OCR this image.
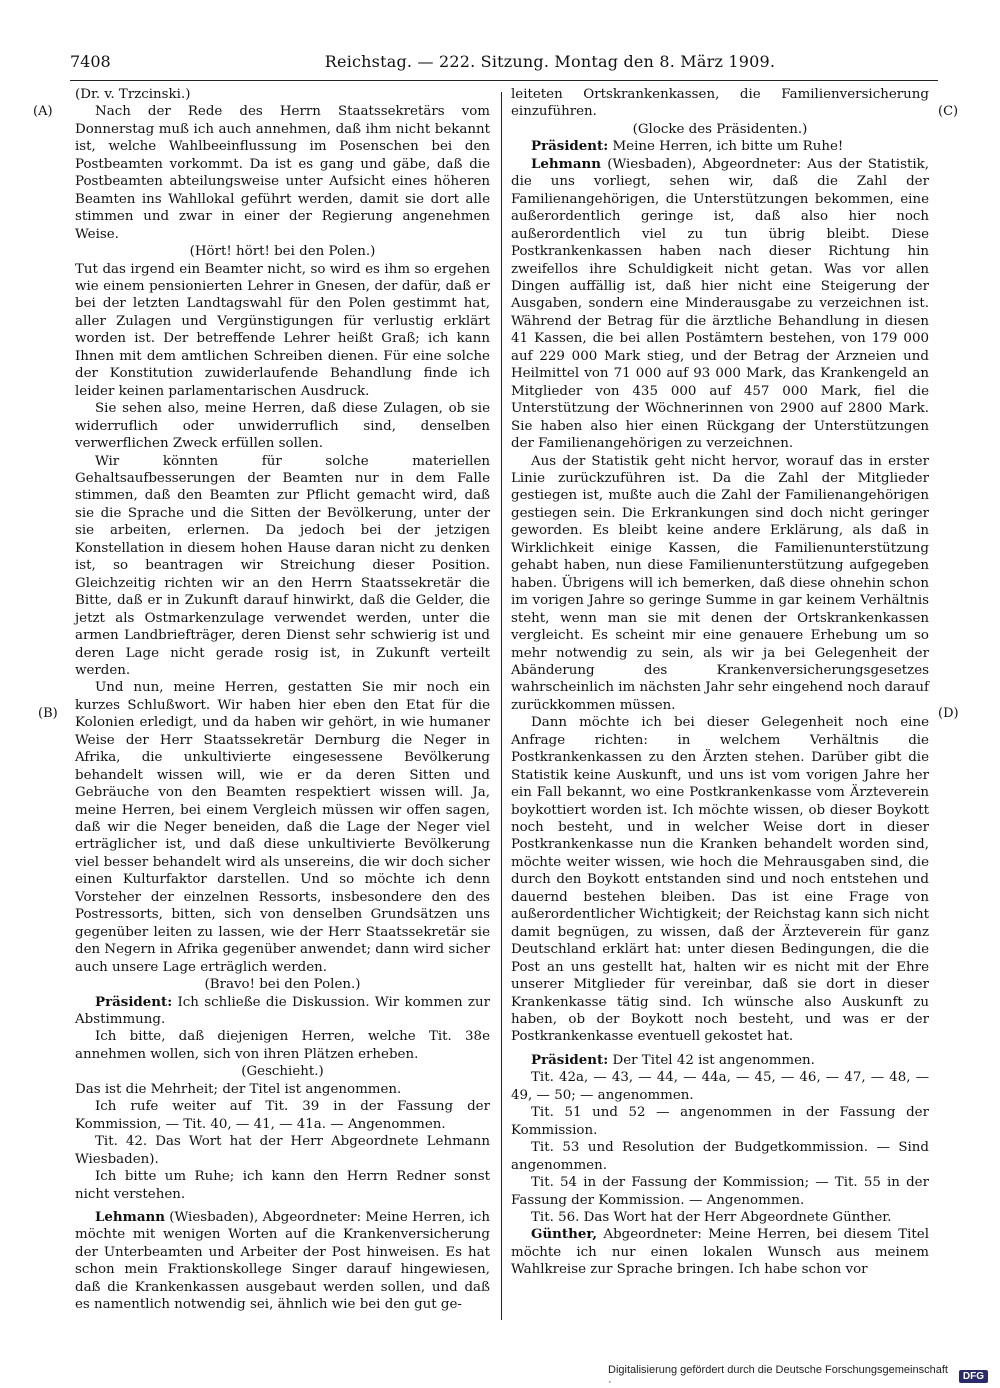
7408	Reichstag. — 222. Sitzung. Montag den 8. März 1909.
(A)
(B)
(C)
(D)

(Dr. v. Trzcinski.)

Nach der Rede des Herrn Staatssekretärs vom Donnerstag muß ich auch annehmen, daß ihm nicht bekannt ist, welche Wahlbeeinflussung im Posenschen bei den Postbeamten vorkommt. Da ist es gang und gäbe, daß die Postbeamten abteilungsweise unter Aufsicht eines höheren Beamten ins Wahllokal geführt werden, damit sie dort alle stimmen und zwar in einer der Regierung angenehmen Weise.

(Hört! hört! bei den Polen.)

Tut das irgend ein Beamter nicht, so wird es ihm so ergehen wie einem pensionierten Lehrer in Gnesen, der dafür, daß er bei der letzten Landtagswahl für den Polen gestimmt hat, aller Zulagen und Vergünstigungen für verlustig erklärt worden ist. Der betreffende Lehrer heißt Graß; ich kann Ihnen mit dem amtlichen Schreiben dienen. Für eine solche der Konstitution zuwiderlaufende Behandlung finde ich leider keinen parlamentarischen Ausdruck.

Sie sehen also, meine Herren, daß diese Zulagen, ob sie widerruflich oder unwiderruflich sind, denselben verwerflichen Zweck erfüllen sollen.

Wir könnten für solche materiellen Gehaltsaufbesserungen der Beamten nur in dem Falle stimmen, daß den Beamten zur Pflicht gemacht wird, daß sie die Sprache und die Sitten der Bevölkerung, unter der sie arbeiten, erlernen. Da jedoch bei der jetzigen Konstellation in diesem hohen Hause daran nicht zu denken ist, so beantragen wir Streichung dieser Position. Gleichzeitig richten wir an den Herrn Staatssekretär die Bitte, daß er in Zukunft darauf hinwirkt, daß die Gelder, die jetzt als Ostmarkenzulage verwendet werden, unter die armen Landbriefträger, deren Dienst sehr schwierig ist und deren Lage nicht gerade rosig ist, in Zukunft verteilt werden.

Und nun, meine Herren, gestatten Sie mir noch ein kurzes Schlußwort. Wir haben hier eben den Etat für die Kolonien erledigt, und da haben wir gehört, in wie humaner Weise der Herr Staatssekretär Dernburg die Neger in Afrika, die unkultivierte eingesessene Bevölkerung behandelt wissen will, wie er da deren Sitten und Gebräuche von den Beamten respektiert wissen will. Ja, meine Herren, bei einem Vergleich müssen wir offen sagen, daß wir die Neger beneiden, daß die Lage der Neger viel erträglicher ist, und daß diese unkultivierte Bevölkerung viel besser behandelt wird als unsereins, die wir doch sicher einen Kulturfaktor darstellen. Und so möchte ich denn Vorsteher der einzelnen Ressorts, insbesondere den des Postressorts, bitten, sich von denselben Grundsätzen uns gegenüber leiten zu lassen, wie der Herr Staatssekretär sie den Negern in Afrika gegenüber anwendet; dann wird sicher auch unsere Lage erträglich werden.

(Bravo! bei den Polen.)

Präsident: Ich schließe die Diskussion. Wir kommen zur Abstimmung.

Ich bitte, daß diejenigen Herren, welche Tit. 38e annehmen wollen, sich von ihren Plätzen erheben.

(Geschieht.)

Das ist die Mehrheit; der Titel ist angenommen.

Ich rufe weiter auf Tit. 39 in der Fassung der Kommission, — Tit. 40, — 41, — 41a. — Angenommen.

Tit. 42. Das Wort hat der Herr Abgeordnete Lehmann Wiesbaden).

Ich bitte um Ruhe; ich kann den Herrn Redner sonst nicht verstehen.

Lehmann (Wiesbaden), Abgeordneter: Meine Herren, ich möchte mit wenigen Worten auf die Krankenversicherung der Unterbeamten und Arbeiter der Post hinweisen. Es hat schon mein Fraktionskollege Singer darauf hingewiesen, daß die Krankenkassen ausgebaut werden sollen, und daß es namentlich notwendig sei, ähnlich wie bei den gut ge-

leiteten Ortskrankenkassen, die Familienversicherung einzuführen.

(Glocke des Präsidenten.)

Präsident: Meine Herren, ich bitte um Ruhe!

Lehmann (Wiesbaden), Abgeordneter: Aus der Statistik, die uns vorliegt, sehen wir, daß die Zahl der Familienangehörigen, die Unterstützungen bekommen, eine außerordentlich geringe ist, daß also hier noch außerordentlich viel zu tun übrig bleibt. Diese Postkrankenkassen haben nach dieser Richtung hin zweifellos ihre Schuldigkeit nicht getan. Was vor allen Dingen auffällig ist, daß hier nicht eine Steigerung der Ausgaben, sondern eine Minderausgabe zu verzeichnen ist. Während der Betrag für die ärztliche Behandlung in diesen 41 Kassen, die bei allen Postämtern bestehen, von 179 000 auf 229 000 Mark stieg, und der Betrag der Arzneien und Heilmittel von 71 000 auf 93 000 Mark, das Krankengeld an Mitglieder von 435 000 auf 457 000 Mark, fiel die Unterstützung der Wöchnerinnen von 2900 auf 2800 Mark. Sie haben also hier einen Rückgang der Unterstützungen der Familienangehörigen zu verzeichnen.

Aus der Statistik geht nicht hervor, worauf das in erster Linie zurückzuführen ist. Da die Zahl der Mitglieder gestiegen ist, mußte auch die Zahl der Familienangehörigen gestiegen sein. Die Erkrankungen sind doch nicht geringer geworden. Es bleibt keine andere Erklärung, als daß in Wirklichkeit einige Kassen, die Familienunterstützung gehabt haben, nun diese Familienunterstützung aufgegeben haben. Übrigens will ich bemerken, daß diese ohnehin schon im vorigen Jahre so geringe Summe in gar keinem Verhältnis steht, wenn man sie mit denen der Ortskrankenkassen vergleicht. Es scheint mir eine genauere Erhebung um so mehr notwendig zu sein, als wir ja bei Gelegenheit der Abänderung des Krankenversicherungsgesetzes wahrscheinlich im nächsten Jahr sehr eingehend noch darauf zurückkommen müssen.

Dann möchte ich bei dieser Gelegenheit noch eine Anfrage richten: in welchem Verhältnis die Postkrankenkassen zu den Ärzten stehen. Darüber gibt die Statistik keine Auskunft, und uns ist vom vorigen Jahre her ein Fall bekannt, wo eine Postkrankenkasse vom Ärzteverein boykottiert worden ist. Ich möchte wissen, ob dieser Boykott noch besteht, und in welcher Weise dort in dieser Postkrankenkasse nun die Kranken behandelt worden sind, möchte weiter wissen, wie hoch die Mehrausgaben sind, die durch den Boykott entstanden sind und noch entstehen und dauernd bestehen bleiben. Das ist eine Frage von außerordentlicher Wichtigkeit; der Reichstag kann sich nicht damit begnügen, zu wissen, daß der Ärzteverein für ganz Deutschland erklärt hat: unter diesen Bedingungen, die die Post an uns gestellt hat, halten wir es nicht mit der Ehre unserer Mitglieder für vereinbar, daß sie dort in dieser Krankenkasse tätig sind. Ich wünsche also Auskunft zu haben, ob der Boykott noch besteht, und was er der Postkrankenkasse eventuell gekostet hat.

Präsident: Der Titel 42 ist angenommen.

Tit. 42a, — 43, — 44, — 44a, — 45, — 46, — 47, — 48, — 49, — 50; — angenommen.

Tit. 51 und 52 — angenommen in der Fassung der Kommission.

Tit. 53 und Resolution der Budgetkommission. — Sind angenommen.

Tit. 54 in der Fassung der Kommission; — Tit. 55 in der Fassung der Kommission. — Angenommen.

Tit. 56. Das Wort hat der Herr Abgeordnete Günther.

Günther, Abgeordneter: Meine Herren, bei diesem Titel möchte ich nur einen lokalen Wunsch aus meinem Wahlkreise zur Sprache bringen. Ich habe schon vor

Digitalisierung gefördert durch die Deutsche Forschungsgemeinschaft ·	DFG
